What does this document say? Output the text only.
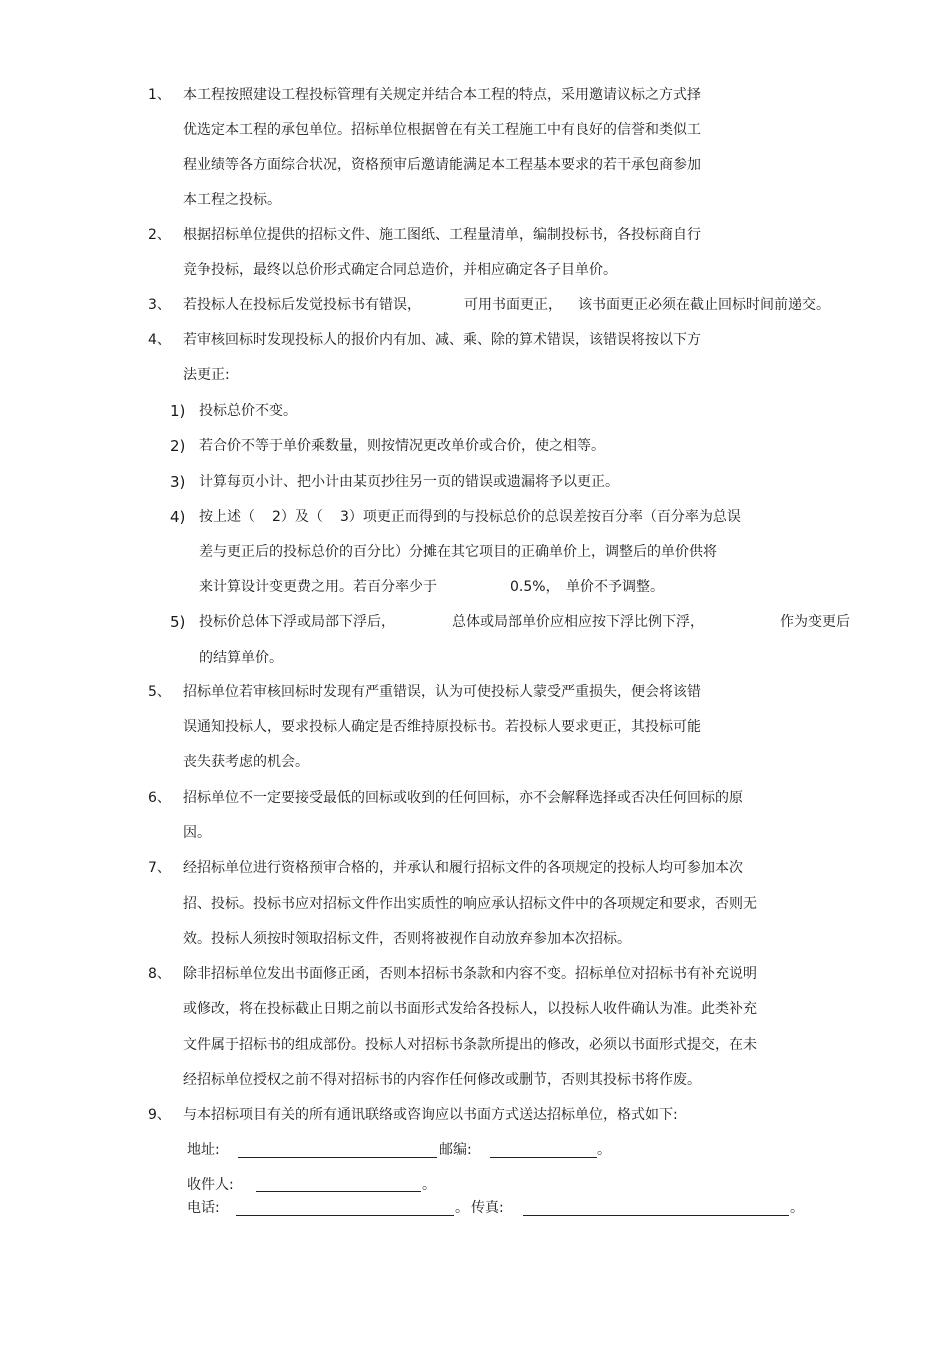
1、 本工程按照建设工程投标管理有关规定并结合本工程的特点，采用邀请议标之方式择
优选定本工程的承包单位。招标单位根据曾在有关工程施工中有良好的信誉和类似工
程业绩等各方面综合状况，资格预审后邀请能满足本工程基本要求的若干承包商参加
本工程之投标。
2、 根据招标单位提供的招标文件、施工图纸、工程量清单，编制投标书，各投标商自行
竞争投标，最终以总价形式确定合同总造价，并相应确定各子目单价。
3、 若投标人在投标后发觉投标书有错误，	可用书面更正， 该书面更正必须在截止回标时间前递交。
4、 若审核回标时发现投标人的报价内有加、减、乘、除的算术错误，该错误将按以下方
法更正:
1) 投标总价不变。
2) 若合价不等于单价乘数量，则按情况更改单价或合价，使之相等。
3) 计算每页小计、把小计由某页抄往另一页的错误或遗漏将予以更正。
4) 按上述（ 2）及（ 3）项更正而得到的与投标总价的总误差按百分率（百分率为总误
差与更正后的投标总价的百分比）分摊在其它项目的正确单价上，调整后的单价供将
来计算设计变更费之用。若百分率少于	0.5%， 单价不予调整。
5) 投标价总体下浮或局部下浮后，	总体或局部单价应相应按下浮比例下浮，	作为变更后
的结算单价。
5、 招标单位若审核回标时发现有严重错误，认为可使投标人蒙受严重损失，便会将该错
误通知投标人，要求投标人确定是否维持原投标书。若投标人要求更正，其投标可能
丧失获考虑的机会。
6、 招标单位不一定要接受最低的回标或收到的任何回标，亦不会解释选择或否决任何回标的原
因。
7、 经招标单位进行资格预审合格的，并承认和履行招标文件的各项规定的投标人均可参加本次
招、投标。投标书应对招标文件作出实质性的响应承认招标文件中的各项规定和要求，否则无
效。投标人须按时领取招标文件，否则将被视作自动放弃参加本次招标。
8、 除非招标单位发出书面修正函，否则本招标书条款和内容不变。招标单位对招标书有补充说明
或修改，将在投标截止日期之前以书面形式发给各投标人，以投标人收件确认为准。此类补充
文件属于招标书的组成部份。投标人对招标书条款所提出的修改，必须以书面形式提交，在未
经招标单位授权之前不得对招标书的内容作任何修改或删节，否则其投标书将作废。
9、 与本招标项目有关的所有通讯联络或咨询应以书面方式送达招标单位，格式如下:
地址:	邮编:	。
收件人:	。
电话:	。 传真:	。
